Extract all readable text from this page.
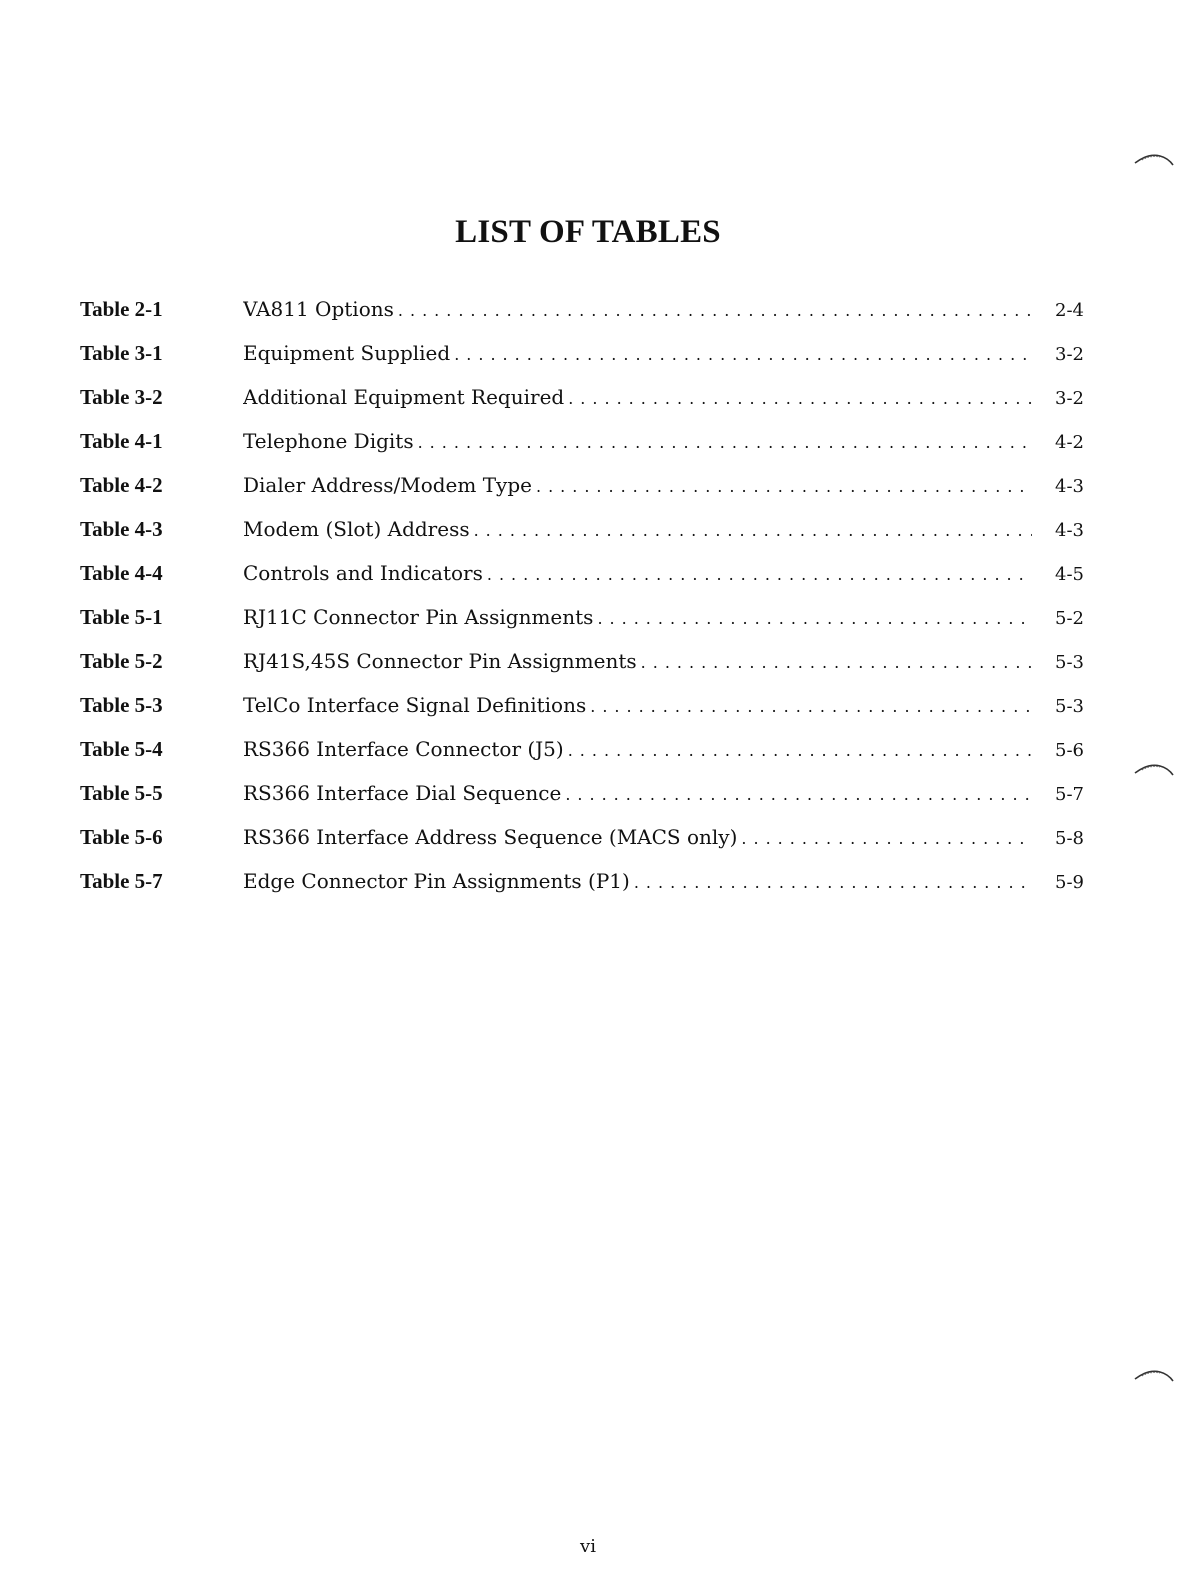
LIST OF TABLES
Table 2-1	VA811 Options .....	2-4
Table 3-1	Equipment Supplied .....	3-2
Table 3-2	Additional Equipment Required .....	3-2
Table 4-1	Telephone Digits .....	4-2
Table 4-2	Dialer Address/Modem Type .....	4-3
Table 4-3	Modem (Slot) Address .....	4-3
Table 4-4	Controls and Indicators .....	4-5
Table 5-1	RJ11C Connector Pin Assignments .....	5-2
Table 5-2	RJ41S,45S Connector Pin Assignments .....	5-3
Table 5-3	TelCo Interface Signal Definitions .....	5-3
Table 5-4	RS366 Interface Connector (J5) .....	5-6
Table 5-5	RS366 Interface Dial Sequence .....	5-7
Table 5-6	RS366 Interface Address Sequence (MACS only) .....	5-8
Table 5-7	Edge Connector Pin Assignments (P1) .....	5-9
vi
